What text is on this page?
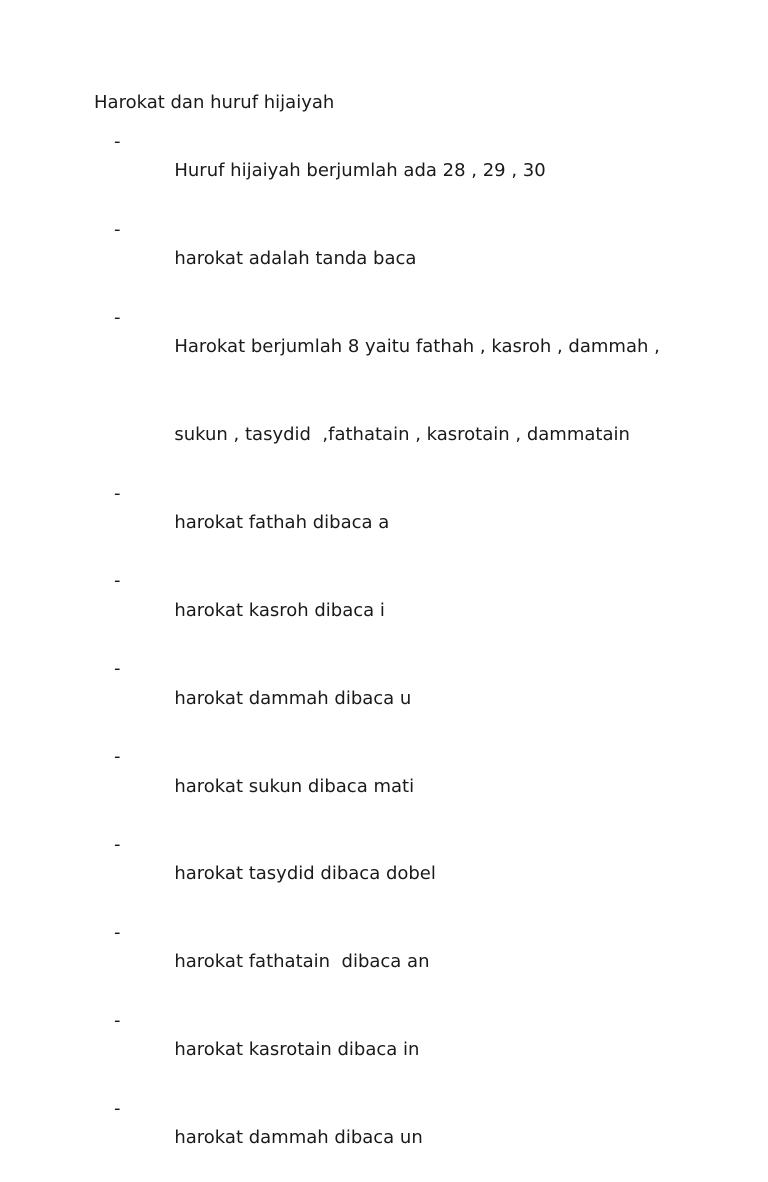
Harokat dan huruf hijaiyah

-
Huruf hijaiyah berjumlah ada 28 , 29 , 30

-
harokat adalah tanda baca

-
Harokat berjumlah 8 yaitu fathah , kasroh , dammah ,

sukun , tasydid  ,fathatain , kasrotain , dammatain

-
harokat fathah dibaca a

-
harokat kasroh dibaca i

-
harokat dammah dibaca u

-
harokat sukun dibaca mati

-
harokat tasydid dibaca dobel

-
harokat fathatain  dibaca an

-
harokat kasrotain dibaca in

-
harokat dammah dibaca un
